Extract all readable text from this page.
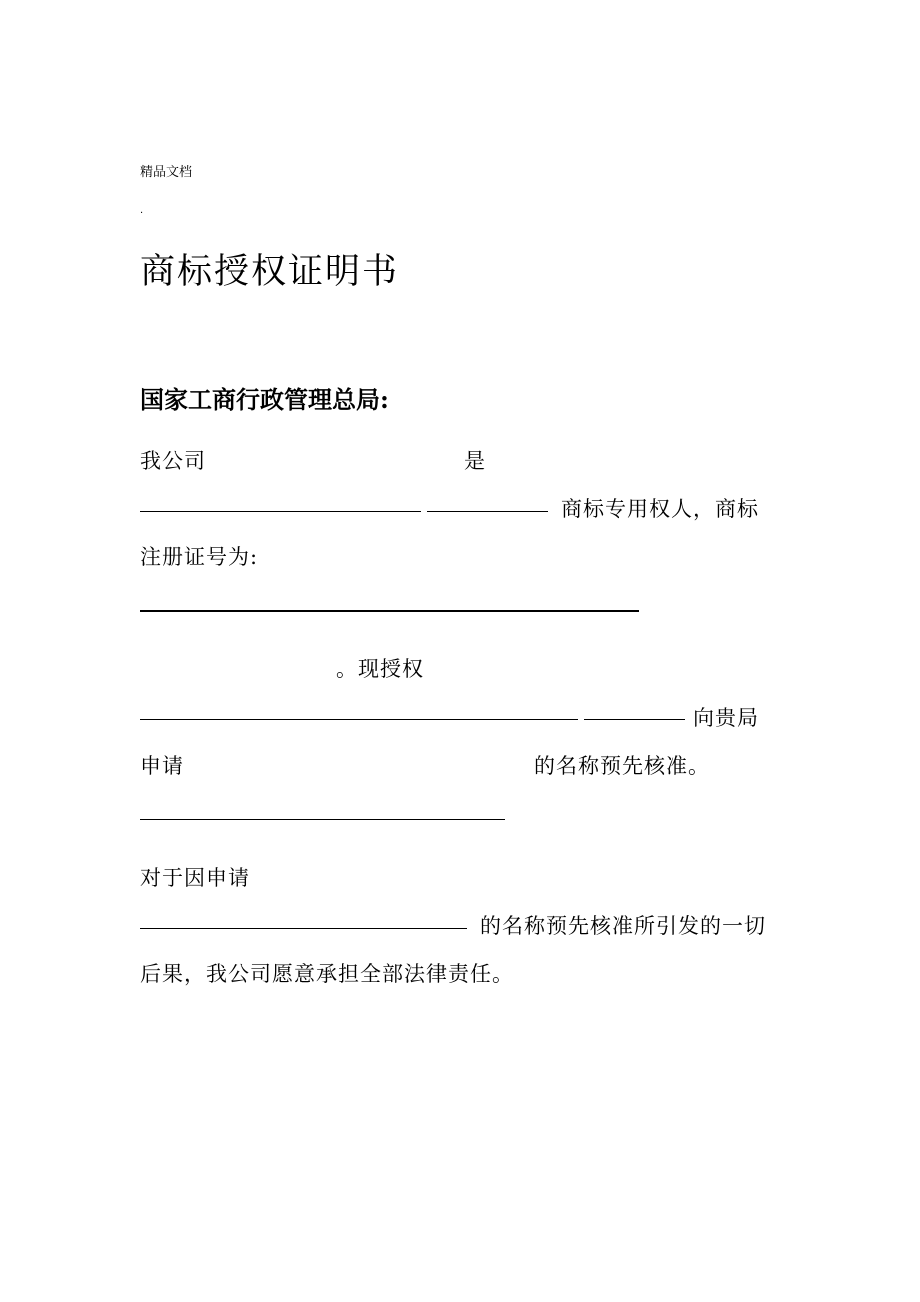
精品文档
.
商标授权证明书
国家工商行政管理总局:
我公司	是
商标专用权人，商标
注册证号为:
。现授权
向贵局
申请	的名称预先核准。
对于因申请
的名称预先核准所引发的一切
后果，我公司愿意承担全部法律责任。
